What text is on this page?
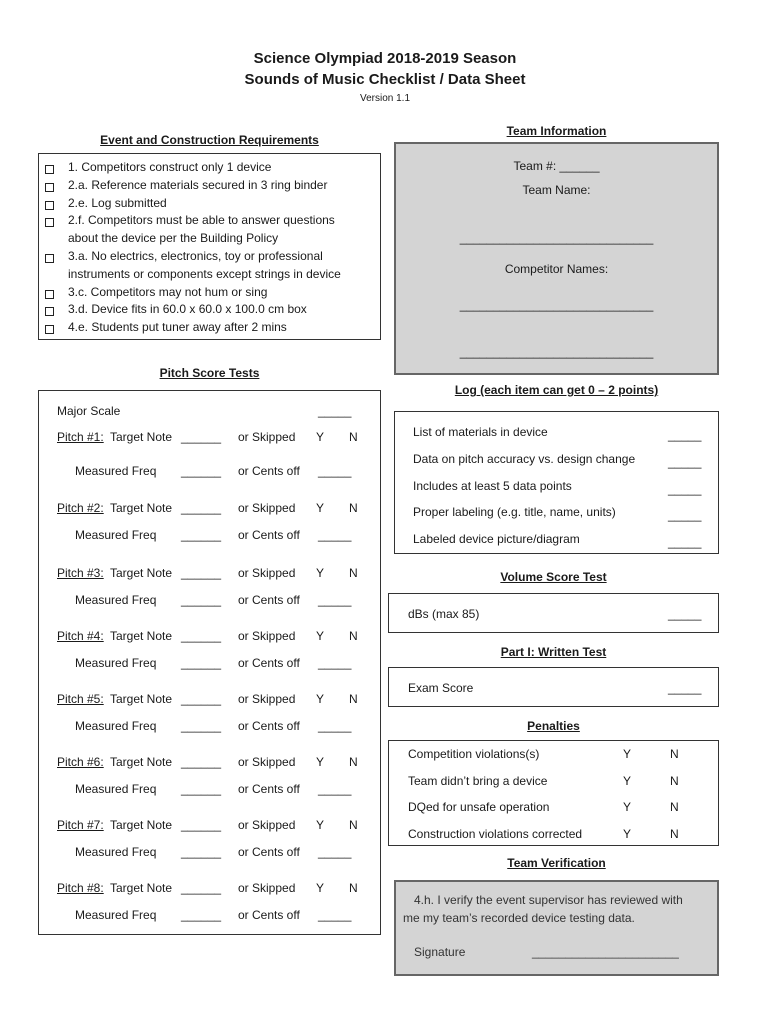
Science Olympiad 2018-2019 Season
Sounds of Music Checklist / Data Sheet
Version 1.1
Event and Construction Requirements
1. Competitors construct only 1 device
2.a. Reference materials secured in 3 ring binder
2.e. Log submitted
2.f. Competitors must be able to answer questions
about the device per the Building Policy
3.a. No electrics, electronics, toy or professional
instruments or components except strings in device
3.c. Competitors may not hum or sing
3.d. Device fits in 60.0 x 60.0 x 100.0 cm box
4.e. Students put tuner away after 2 mins
Team Information
Team #: ______
Team Name:
_____________________________
Competitor Names:
_____________________________
_____________________________
Pitch Score Tests
Major Scale	_____
Pitch #1: Target Note ______ or Skipped Y N
Measured Freq ______ or Cents off _____
Pitch #2: Target Note ______ or Skipped Y N
Measured Freq ______ or Cents off _____
Pitch #3: Target Note ______ or Skipped Y N
Measured Freq ______ or Cents off _____
Pitch #4: Target Note ______ or Skipped Y N
Measured Freq ______ or Cents off _____
Pitch #5: Target Note ______ or Skipped Y N
Measured Freq ______ or Cents off _____
Pitch #6: Target Note ______ or Skipped Y N
Measured Freq ______ or Cents off _____
Pitch #7: Target Note ______ or Skipped Y N
Measured Freq ______ or Cents off _____
Pitch #8: Target Note ______ or Skipped Y N
Measured Freq ______ or Cents off _____
Log (each item can get 0 – 2 points)
List of materials in device	_____
Data on pitch accuracy vs. design change	_____
Includes at least 5 data points	_____
Proper labeling (e.g. title, name, units)	_____
Labeled device picture/diagram	_____
Volume Score Test
dBs (max 85)	_____
Part I: Written Test
Exam Score	_____
Penalties
Competition violations(s)	Y	N
Team didn’t bring a device	Y	N
DQed for unsafe operation	Y	N
Construction violations corrected	Y	N
Team Verification
4.h. I verify the event supervisor has reviewed with
me my team’s recorded device testing data.
Signature	______________________
